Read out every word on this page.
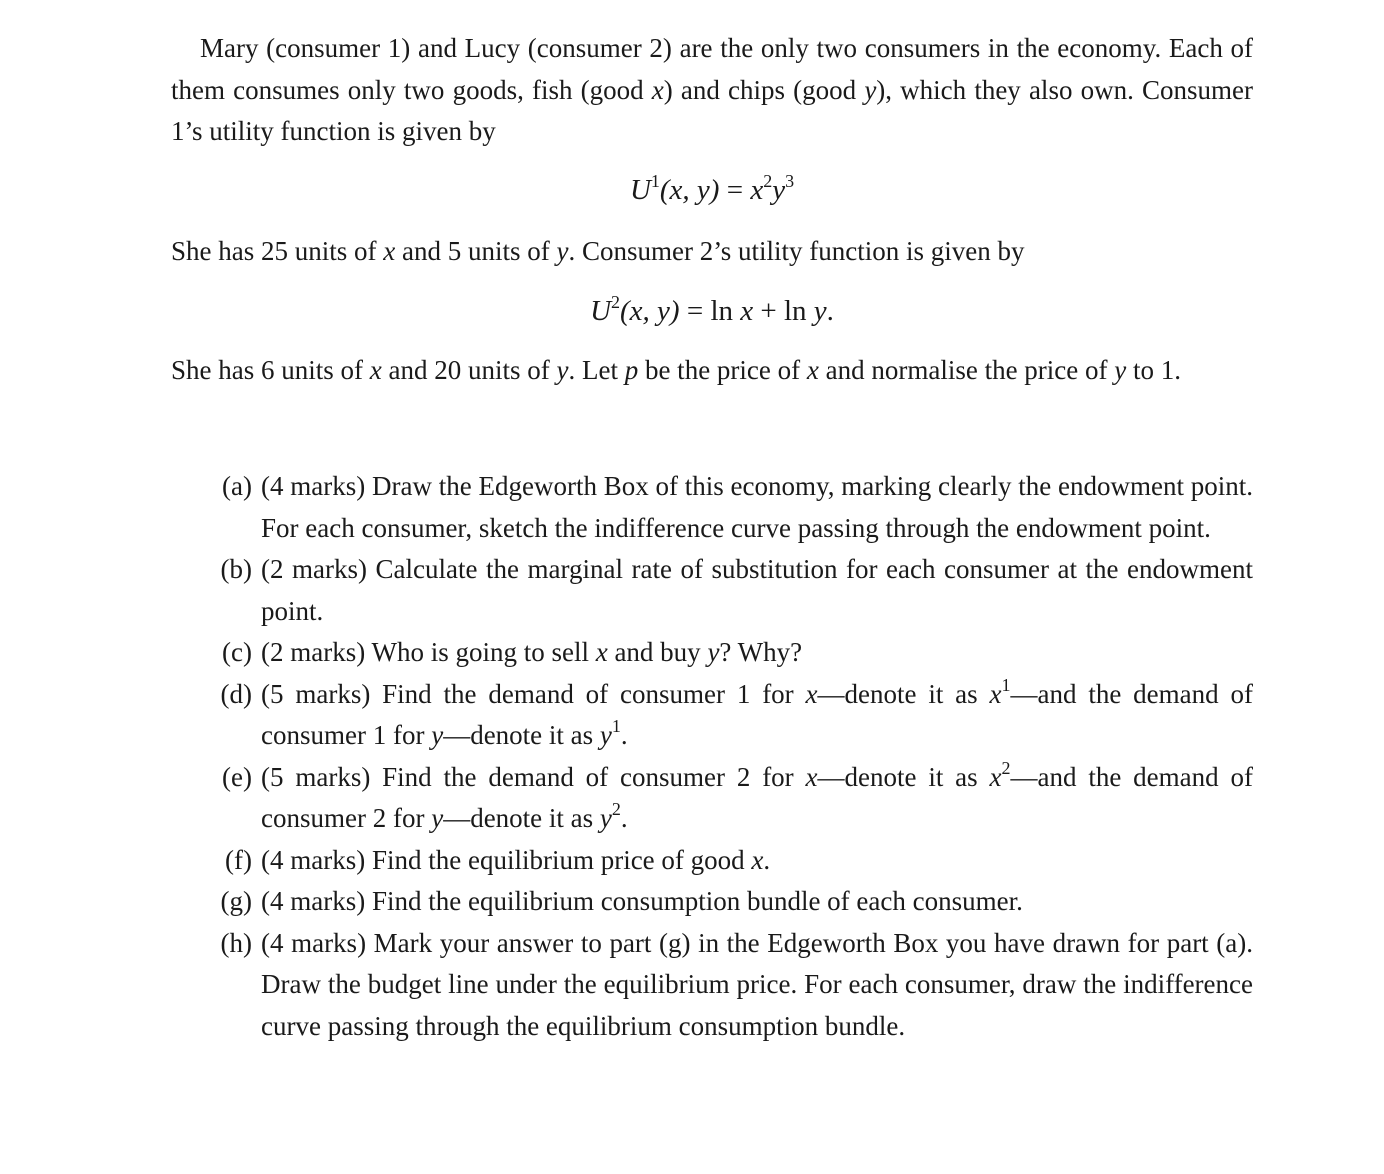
Mary (consumer 1) and Lucy (consumer 2) are the only two consumers in the economy. Each of them consumes only two goods, fish (good x) and chips (good y), which they also own. Consumer 1’s utility function is given by

$U^1(x$, $y) = x^2y^3$

She has 25 units of x and 5 units of y. Consumer 2’s utility function is given by

$U^2(x$, y) = ln x + ln y.

She has 6 units of x and 20 units of y. Let p be the price of x and normalise the price of y to 1.

(a) (4 marks) Draw the Edgeworth Box of this economy, marking clearly the endowment point. For each consumer, sketch the indifference curve passing through the endowment point.
(b) (2 marks) Calculate the marginal rate of substitution for each consumer at the endowment point.
(c) (2 marks) Who is going to sell x and buy y? Why?
(d) (5 marks) Find the demand of consumer 1 for x—denote it as $x^1—and$ the demand of consumer 1 for y—denote it as $y^1$.
(e) (5 marks) Find the demand of consumer 2 for x—denote it as $x^2—and$ the demand of consumer 2 for y—denote it as $y^2$.
(f) (4 marks) Find the equilibrium price of good x.
(g) (4 marks) Find the equilibrium consumption bundle of each consumer.
(h) (4 marks) Mark your answer to part (g) in the Edgeworth Box you have drawn for part (a). Draw the budget line under the equilibrium price. For each consumer, draw the indifference curve passing through the equilibrium consumption bundle.
